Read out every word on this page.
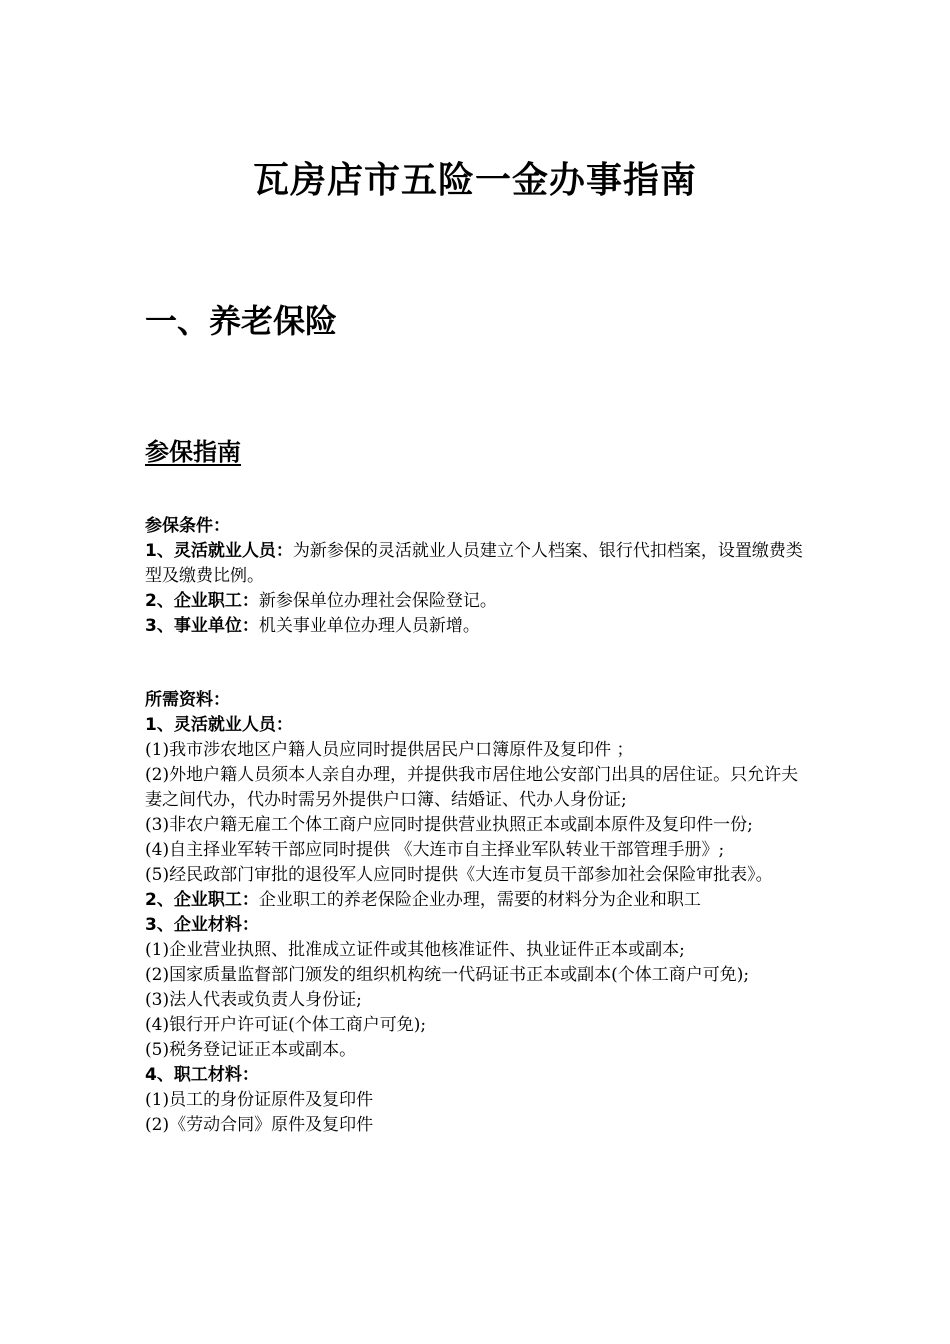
瓦房店市五险一金办事指南
一、养老保险
参保指南

参保条件：

1、灵活就业人员：为新参保的灵活就业人员建立个人档案、银行代扣档案，设置缴费类型及缴费比例。

2、企业职工：新参保单位办理社会保险登记。

3、事业单位：机关事业单位办理人员新增。

所需资料：

1、灵活就业人员：

(1)我市涉农地区户籍人员应同时提供居民户口簿原件及复印件 ；

(2)外地户籍人员须本人亲自办理，并提供我市居住地公安部门出具的居住证。只允许夫妻之间代办，代办时需另外提供户口簿、结婚证、代办人身份证;

(3)非农户籍无雇工个体工商户应同时提供营业执照正本或副本原件及复印件一份;

(4)自主择业军转干部应同时提供 《大连市自主择业军队转业干部管理手册》;

(5)经民政部门审批的退役军人应同时提供《大连市复员干部参加社会保险审批表》。

2、企业职工：企业职工的养老保险企业办理，需要的材料分为企业和职工

3、企业材料：

(1)企业营业执照、批准成立证件或其他核准证件、执业证件正本或副本;

(2)国家质量监督部门颁发的组织机构统一代码证书正本或副本(个体工商户可免);

(3)法人代表或负责人身份证;

(4)银行开户许可证(个体工商户可免);

(5)税务登记证正本或副本。

4、职工材料：

(1)员工的身份证原件及复印件

(2)《劳动合同》原件及复印件
